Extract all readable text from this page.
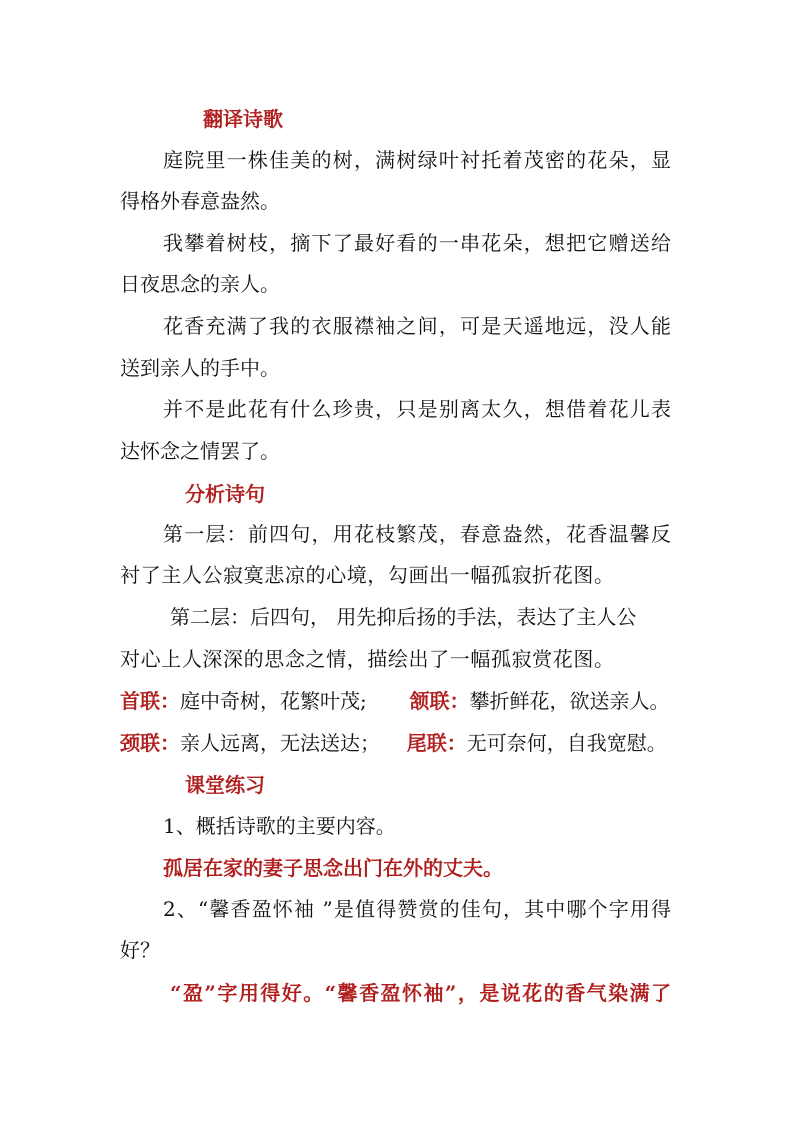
翻译诗歌
庭院里一株佳美的树，满树绿叶衬托着茂密的花朵，显
得格外春意盎然。
我攀着树枝，摘下了最好看的一串花朵，想把它赠送给
日夜思念的亲人。
花香充满了我的衣服襟袖之间，可是天遥地远，没人能
送到亲人的手中。
并不是此花有什么珍贵，只是别离太久，想借着花儿表
达怀念之情罢了。
分析诗句
第一层：前四句，用花枝繁茂，春意盎然，花香温馨反
衬了主人公寂寞悲凉的心境，勾画出一幅孤寂折花图。
第二层：后四句， 用先抑后扬的手法，表达了主人公
对心上人深深的思念之情，描绘出了一幅孤寂赏花图。
首联：庭中奇树，花繁叶茂; 颔联：攀折鲜花，欲送亲人。
颈联：亲人远离，无法送达； 尾联：无可奈何，自我宽慰。
课堂练习
1、概括诗歌的主要内容。
孤居在家的妻子思念出门在外的丈夫。
2、“馨香盈怀袖 ”是值得赞赏的佳句，其中哪个字用得
好？
“盈”字用得好。“馨香盈怀袖”，是说花的香气染满了
